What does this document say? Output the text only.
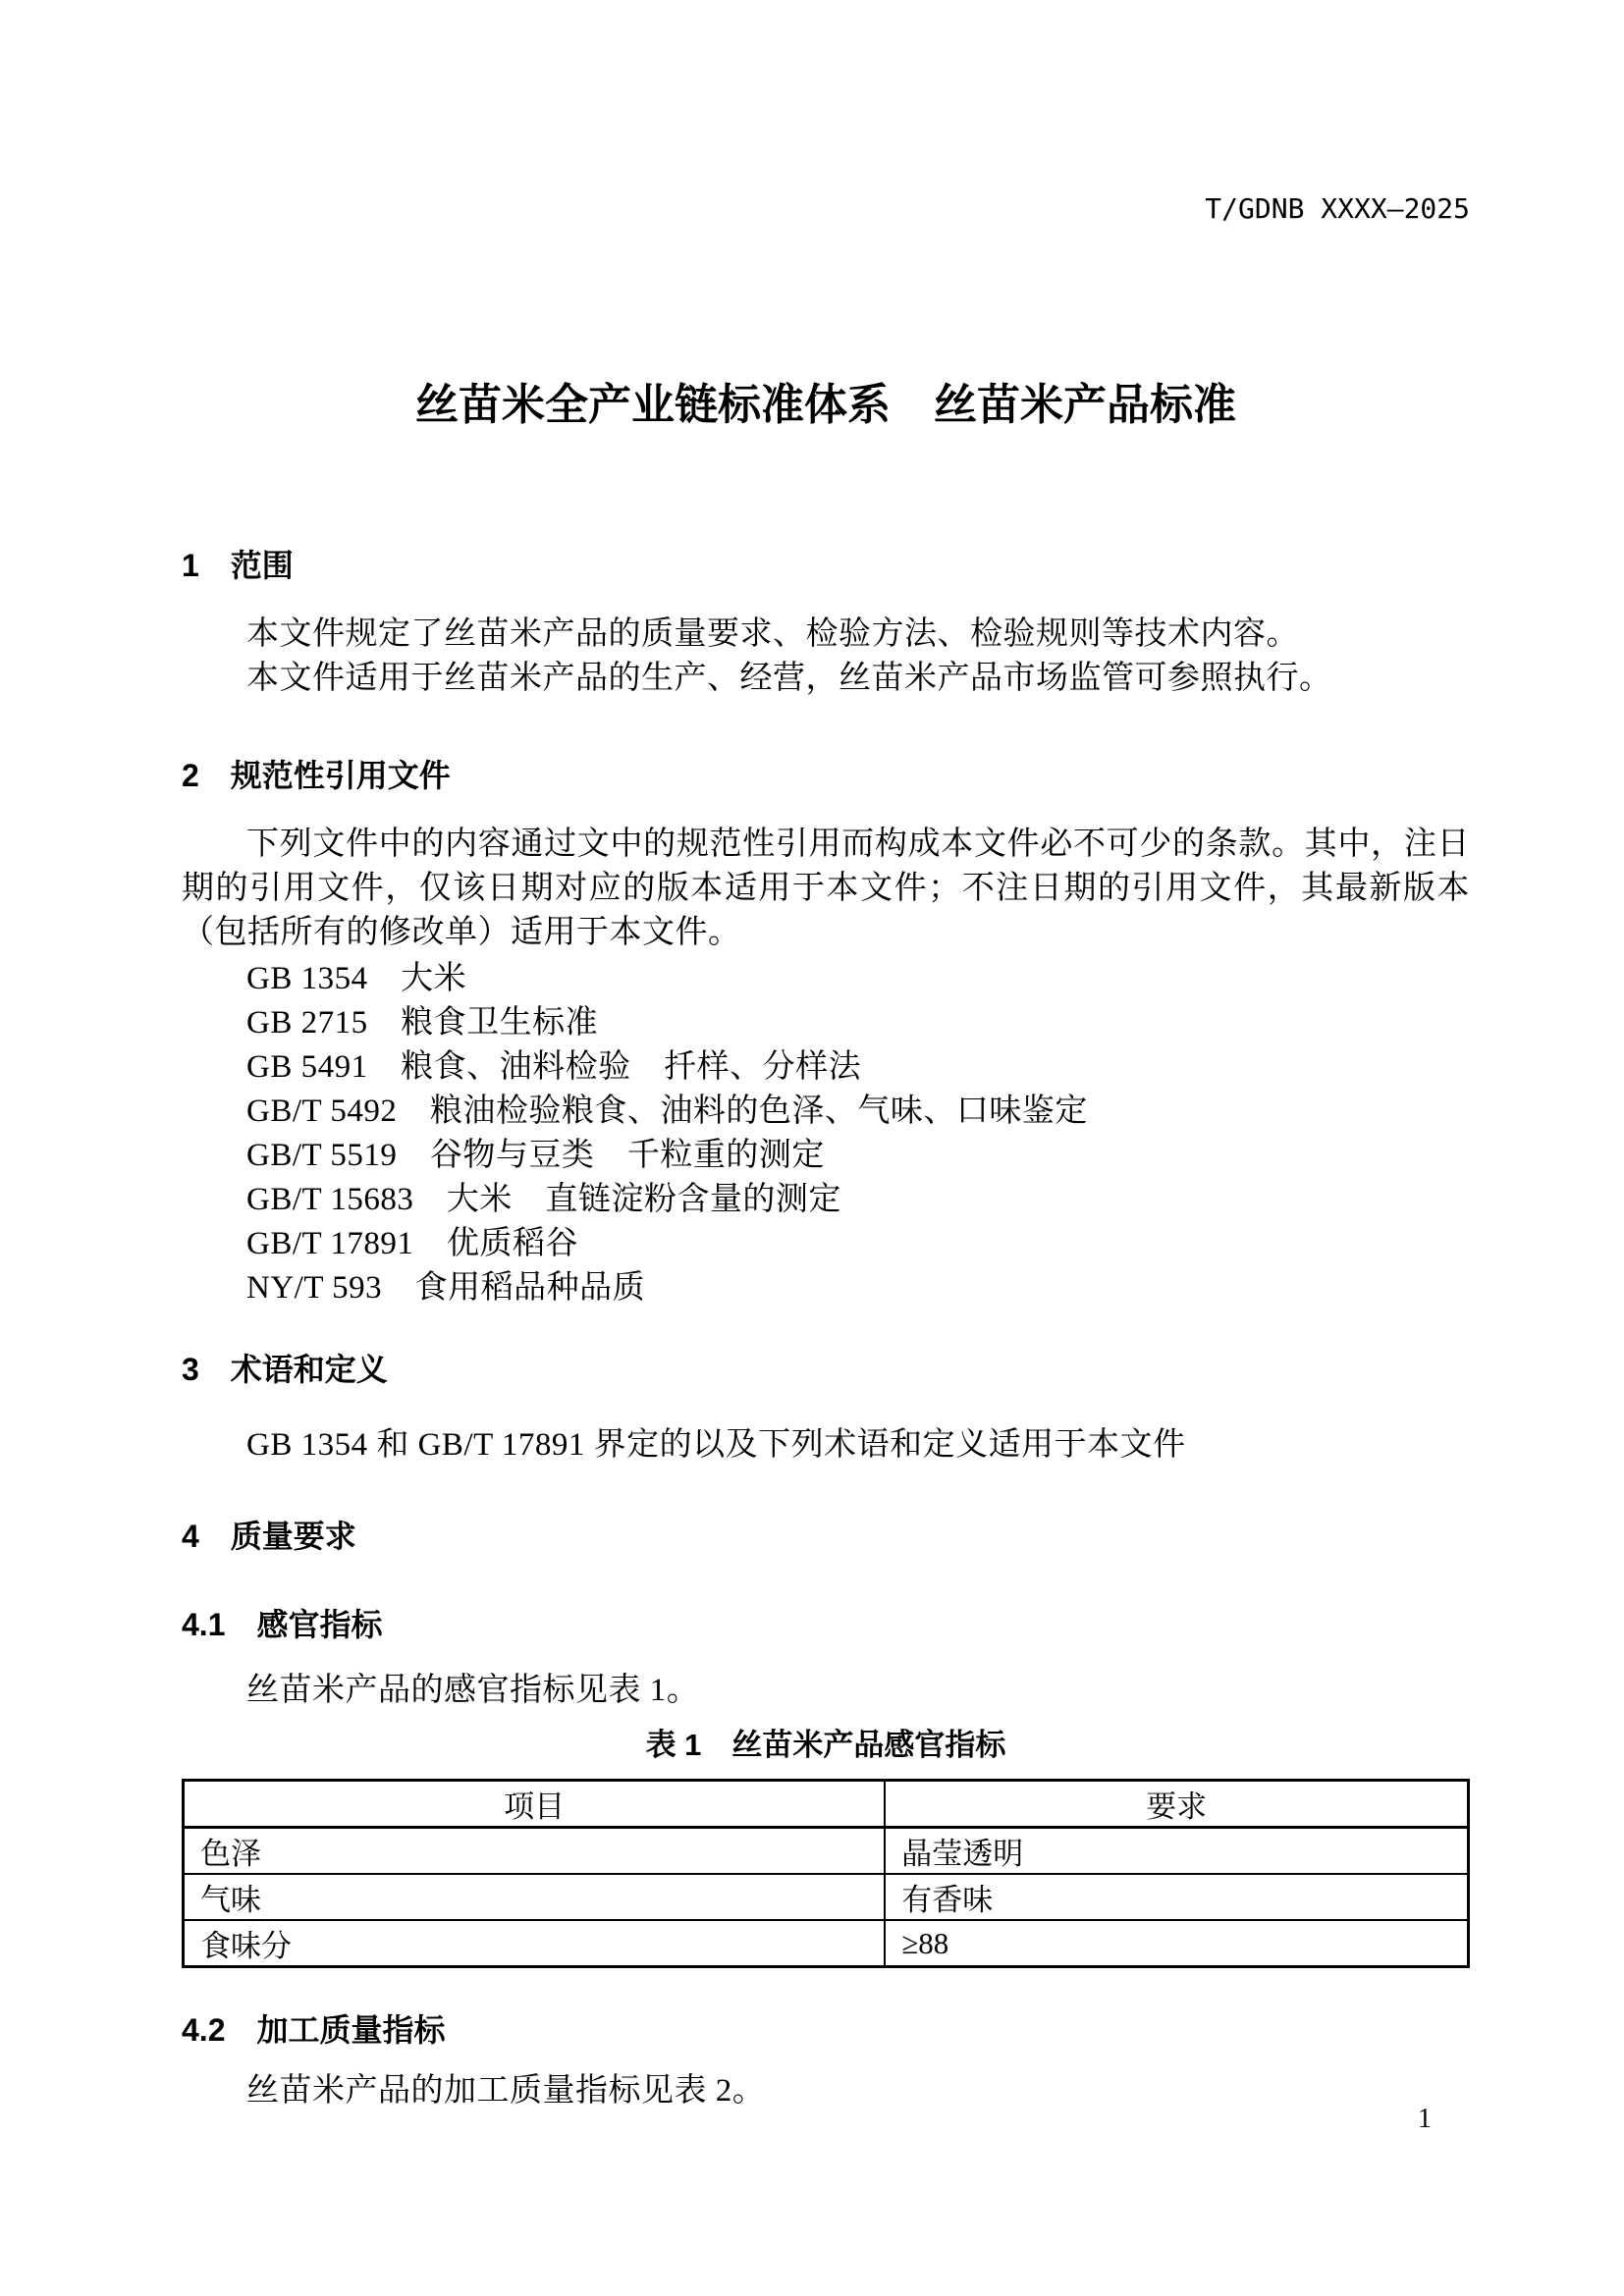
T/GDNB XXXX—2025
丝苗米全产业链标准体系　丝苗米产品标准
1　范围
本文件规定了丝苗米产品的质量要求、检验方法、检验规则等技术内容。
本文件适用于丝苗米产品的生产、经营，丝苗米产品市场监管可参照执行。
2　规范性引用文件
下列文件中的内容通过文中的规范性引用而构成本文件必不可少的条款。其中，注日期的引用文件，仅该日期对应的版本适用于本文件；不注日期的引用文件，其最新版本（包括所有的修改单）适用于本文件。
GB 1354　大米
GB 2715　粮食卫生标准
GB 5491　粮食、油料检验　扦样、分样法
GB/T 5492　粮油检验粮食、油料的色泽、气味、口味鉴定
GB/T 5519　谷物与豆类　千粒重的测定
GB/T 15683　大米　直链淀粉含量的测定
GB/T 17891　优质稻谷
NY/T 593　食用稻品种品质
3　术语和定义
GB 1354 和 GB/T 17891 界定的以及下列术语和定义适用于本文件
4　质量要求
4.1　感官指标
丝苗米产品的感官指标见表 1。
表 1　丝苗米产品感官指标
项目	要求
色泽	晶莹透明
气味	有香味
食味分	≥88
4.2　加工质量指标
丝苗米产品的加工质量指标见表 2。
1
